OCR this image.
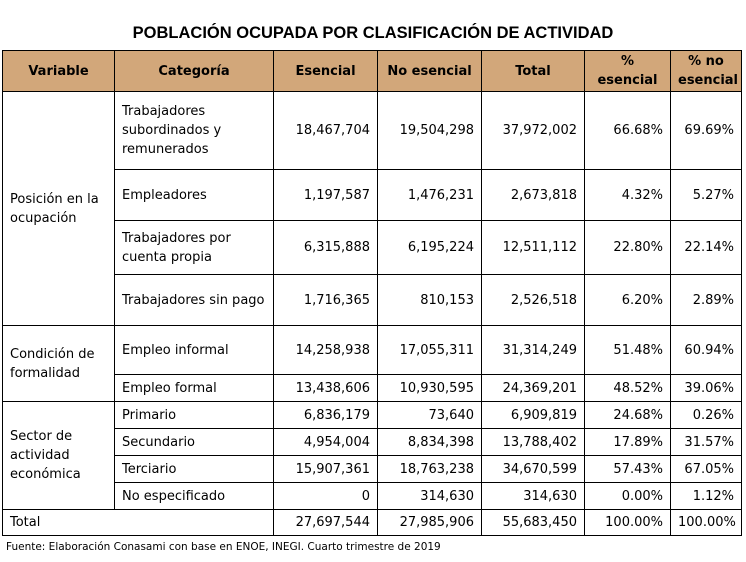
POBLACIÓN OCUPADA POR CLASIFICACIÓN DE ACTIVIDAD
Variable	Categoría	Esencial	No esencial	Total	% esencial	% no esencial
Posición en la ocupación	Trabajadores subordinados y remunerados	18,467,704	19,504,298	37,972,002	66.68%	69.69%
	Empleadores	1,197,587	1,476,231	2,673,818	4.32%	5.27%
	Trabajadores por cuenta propia	6,315,888	6,195,224	12,511,112	22.80%	22.14%
	Trabajadores sin pago	1,716,365	810,153	2,526,518	6.20%	2.89%
Condición de formalidad	Empleo informal	14,258,938	17,055,311	31,314,249	51.48%	60.94%
	Empleo formal	13,438,606	10,930,595	24,369,201	48.52%	39.06%
Sector de actividad económica	Primario	6,836,179	73,640	6,909,819	24.68%	0.26%
	Secundario	4,954,004	8,834,398	13,788,402	17.89%	31.57%
	Terciario	15,907,361	18,763,238	34,670,599	57.43%	67.05%
	No especificado	0	314,630	314,630	0.00%	1.12%
Total		27,697,544	27,985,906	55,683,450	100.00%	100.00%
Fuente: Elaboración Conasami con base en ENOE, INEGI. Cuarto trimestre de 2019
